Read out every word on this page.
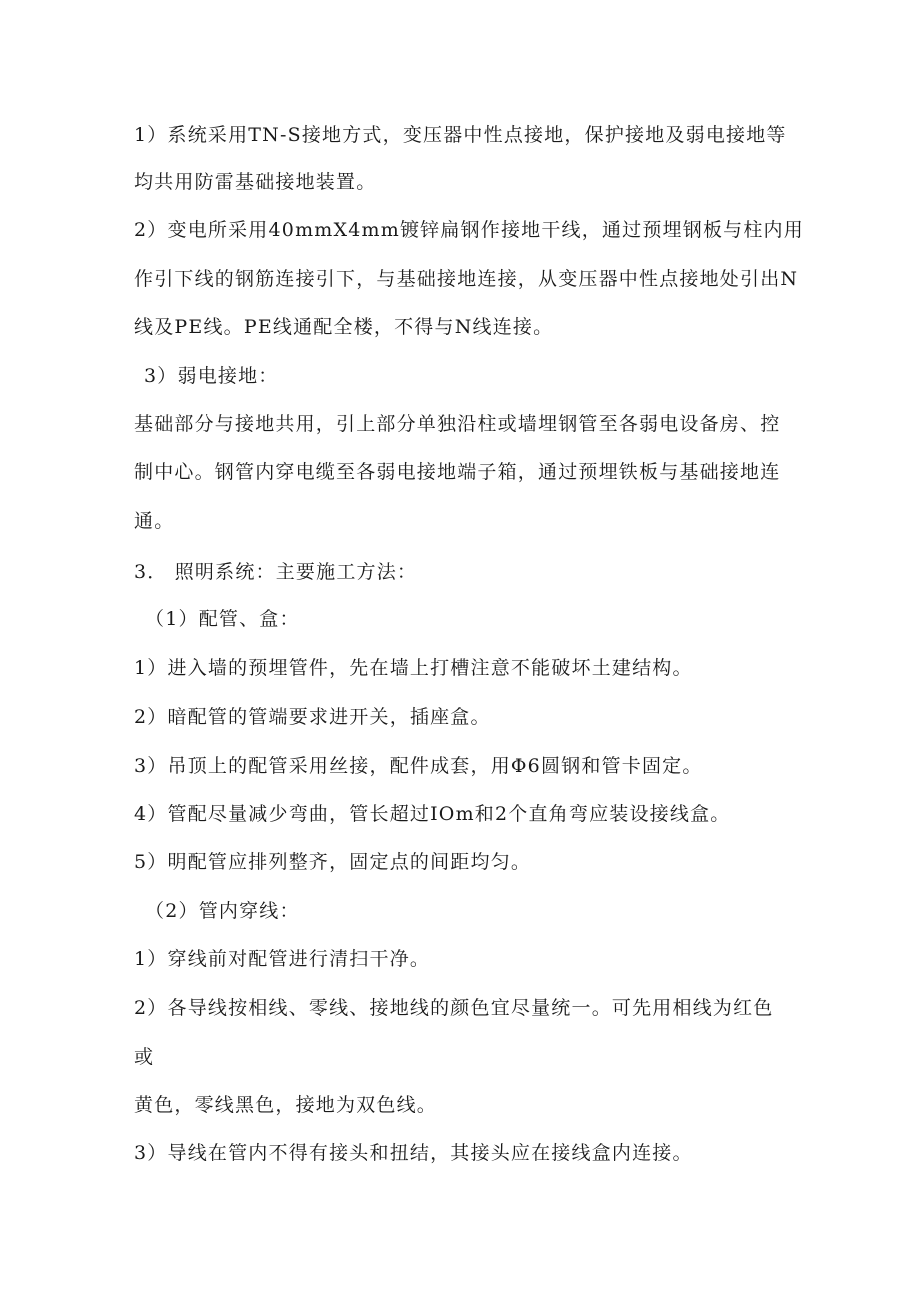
1）系统采用TN-S接地方式，变压器中性点接地，保护接地及弱电接地等
均共用防雷基础接地装置。
2）变电所采用40mmX4mm镀锌扁钢作接地干线，通过预埋钢板与柱内用
作引下线的钢筋连接引下，与基础接地连接，从变压器中性点接地处引出N
线及PE线。PE线通配全楼，不得与N线连接。
3）弱电接地：
基础部分与接地共用，引上部分单独沿柱或墙埋钢管至各弱电设备房、控
制中心。钢管内穿电缆至各弱电接地端子箱，通过预埋铁板与基础接地连
通。
3． 照明系统：主要施工方法：
（1）配管、盒：
1）进入墙的预埋管件，先在墙上打槽注意不能破坏土建结构。
2）暗配管的管端要求进开关，插座盒。
3）吊顶上的配管采用丝接，配件成套，用Φ6圆钢和管卡固定。
4）管配尽量减少弯曲，管长超过IOm和2个直角弯应装设接线盒。
5）明配管应排列整齐，固定点的间距均匀。
（2）管内穿线：
1）穿线前对配管进行清扫干净。
2）各导线按相线、零线、接地线的颜色宜尽量统一。可先用相线为红色
或
黄色，零线黑色，接地为双色线。
3）导线在管内不得有接头和扭结，其接头应在接线盒内连接。
